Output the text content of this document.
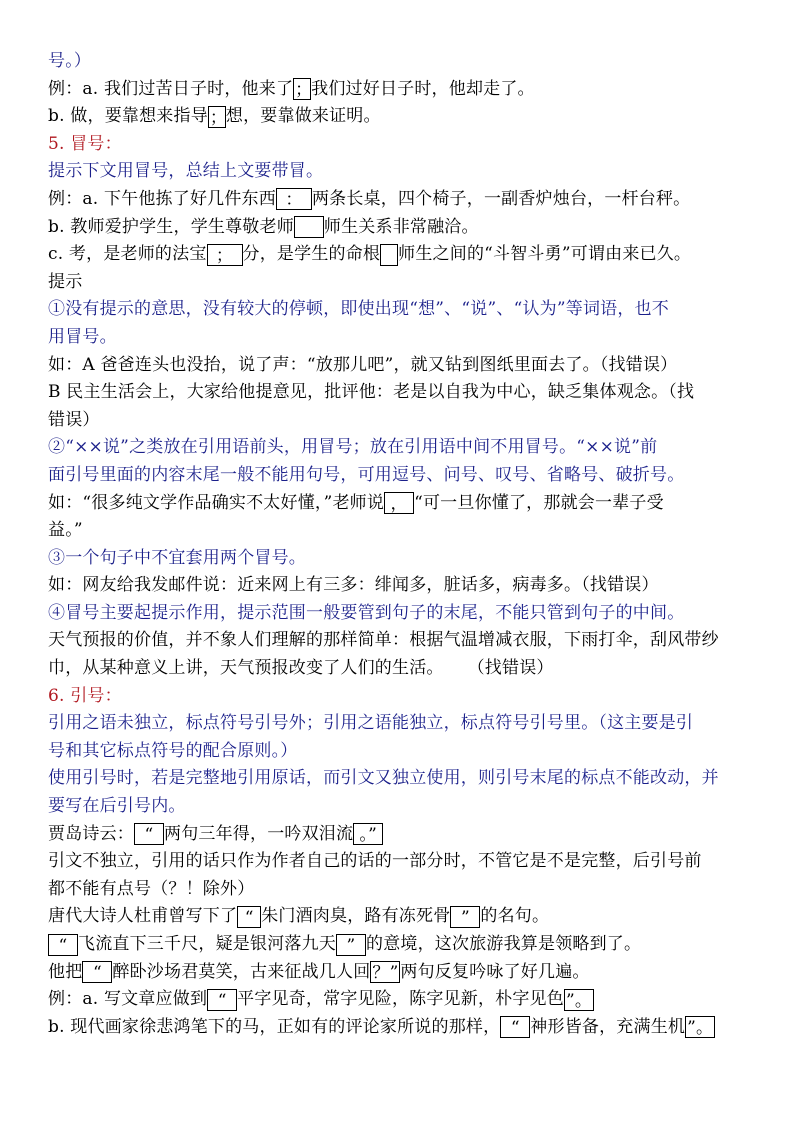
号。）
例：a. 我们过苦日子时，他来了 ；我们过好日子时，他却走了。
b. 做，要靠想来指导 ；想，要靠做来证明。
5. 冒号：
提示下文用冒号，总结上文要带冒。
例：a. 下午他拣了好几件东西 ： 两条长桌，四个椅子，一副香炉烛台，一杆台秤。
b. 教师爱护学生，学生尊敬老师 师生关系非常融洽。
c. 考，是老师的法宝 ； 分，是学生的命根 师生之间的“斗智斗勇”可谓由来已久。
提示
①没有提示的意思，没有较大的停顿，即使出现“想”、“说”、“认为”等词语，也不
用冒号。
如：A 爸爸连头也没抬，说了声：“放那儿吧”，就又钻到图纸里面去了。（找错误）
B 民主生活会上，大家给他提意见，批评他：老是以自我为中心，缺乏集体观念。（找
错误）
②“××说”之类放在引用语前头，用冒号；放在引用语中间不用冒号。“××说”前
面引号里面的内容末尾一般不能用句号，可用逗号、问号、叹号、省略号、破折号。
如：“很多纯文学作品确实不太好懂，”老师说 ， “可一旦你懂了，那就会一辈子受
益。”
③一个句子中不宜套用两个冒号。
如：网友给我发邮件说：近来网上有三多：绯闻多，脏话多，病毒多。（找错误）
④冒号主要起提示作用，提示范围一般要管到句子的末尾，不能只管到句子的中间。
天气预报的价值，并不象人们理解的那样简单：根据气温增减衣服，下雨打伞，刮风带纱
巾，从某种意义上讲，天气预报改变了人们的生活。 （找错误）
6. 引号：
引用之语未独立，标点符号引号外；引用之语能独立，标点符号引号里。（这主要是引
号和其它标点符号的配合原则。）
使用引号时，若是完整地引用原话，而引文又独立使用，则引号末尾的标点不能改动，并
要写在后引号内。
贾岛诗云： “ 两句三年得，一吟双泪流 。”
引文不独立，引用的话只作为作者自己的话的一部分时，不管它是不是完整，后引号前
都不能有点号（？！除外）
唐代大诗人杜甫曾写下了 “ 朱门酒肉臭，路有冻死骨 ” 的名句。
“ 飞流直下三千尺，疑是银河落九天 ” 的意境，这次旅游我算是领略到了。
他把 “ 醉卧沙场君莫笑，古来征战几人回 ？” 两句反复吟咏了好几遍。
例：a. 写文章应做到 “ 平字见奇，常字见险，陈字见新，朴字见色 ”。
b. 现代画家徐悲鸿笔下的马，正如有的评论家所说的那样， “ 神形皆备，充满生机 ”。
